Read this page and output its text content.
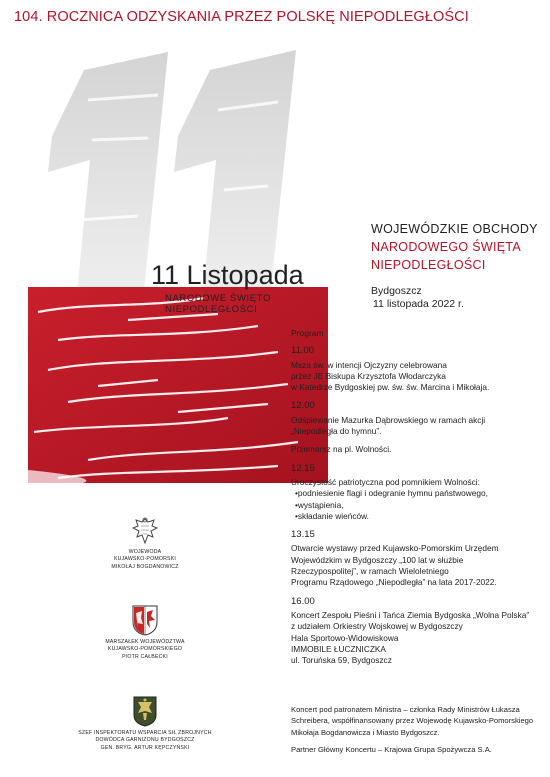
104. ROCZNICA ODZYSKANIA PRZEZ POLSKĘ NIEPODLEGŁOŚCI
11 Listopada
NARODOWE ŚWIĘTO NIEPODLEGŁOŚCI
WOJEWÓDZKIE OBCHODY
NARODOWEGO ŚWIĘTA
NIEPODLEGŁOŚCI
Bydgoszcz
11 listopada 2022 r.
Program
11.00
Msza św. w intencji Ojczyzny celebrowana
przez JE Biskupa Krzysztofa Włodarczyka
w Katedrze Bydgoskiej pw. św. św. Marcina i Mikołaja.
12.00
Odśpiewanie Mazurka Dąbrowskiego w ramach akcji
„Niepodległa do hymnu”.
Przemarsz na pl. Wolności.
12.15
Uroczystość patriotyczna pod pomnikiem Wolności:
•podniesienie flagi i odegranie hymnu państwowego,
•wystąpienia,
•składanie wieńców.
13.15
Otwarcie wystawy przed Kujawsko-Pomorskim Urzędem
Wojewódzkim w Bydgoszczy „100 lat w służbie
Rzeczypospolitej”, w ramach Wieloletniego
Programu Rządowego „Niepodległa” na lata 2017-2022.
16.00
Koncert Zespołu Pieśni i Tańca Ziemia Bydgoska „Wolna Polska”
z udziałem Orkiestry Wojskowej w Bydgoszczy
Hala Sportowo-Widowiskowa
IMMOBILE ŁUCZNICZKA
ul. Toruńska 59, Bydgoszcz
Koncert pod patronatem Ministra – członka Rady Ministrów Łukasza
Schreibera, współfinansowany przez Wojewodę Kujawsko-Pomorskiego
Mikołaja Bogdanowicza i Miasto Bydgoszcz.
Partner Główny Koncertu – Krajowa Grupa Spożywcza S.A.
WOJEWODA
KUJAWSKO-POMORSKI
MIKOŁAJ BOGDANOWICZ
MARSZAŁEK WOJEWÓDZTWA
KUJAWSKO-POMORSKIEGO
PIOTR CAŁBECKI
SZEF INSPEKTORATU WSPARCIA SIŁ ZBROJNYCH
DOWÓDCA GARNIZONU BYDGOSZCZ
GEN. BRYG. ARTUR KĘPCZYŃSKI
